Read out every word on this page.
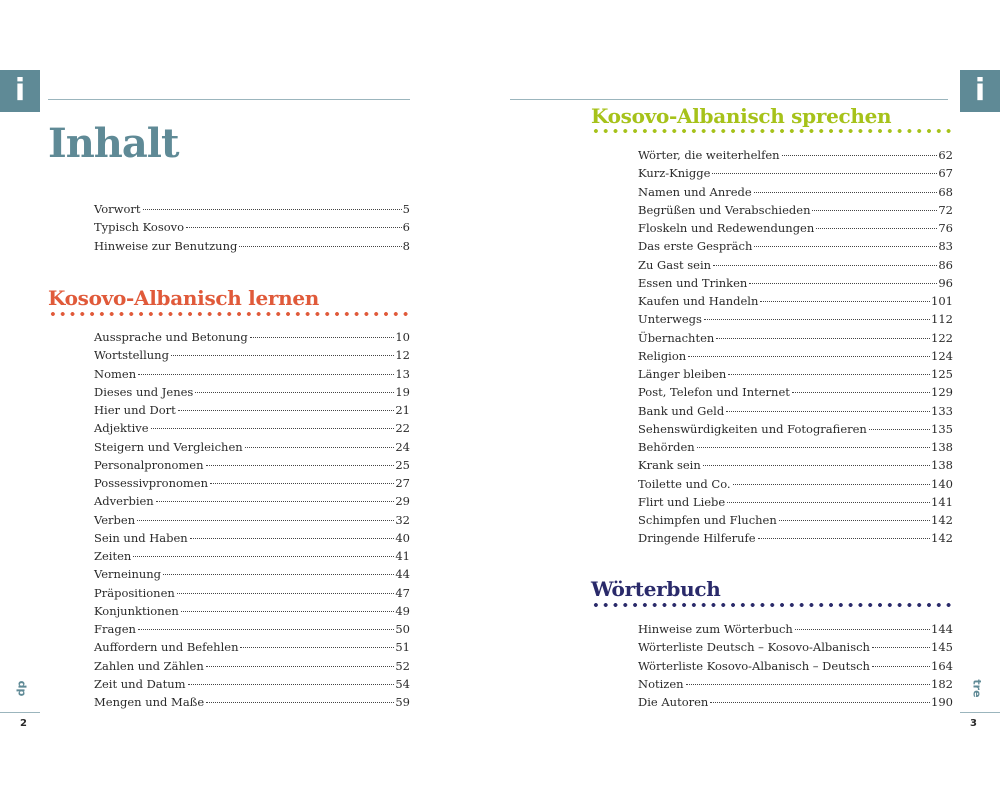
i
Inhalt
Vorwort	5
Typisch Kosovo	6
Hinweise zur Benutzung	8
Kosovo-Albanisch lernen
Aussprache und Betonung	10
Wortstellung	12
Nomen	13
Dieses und Jenes	19
Hier und Dort	21
Adjektive	22
Steigern und Vergleichen	24
Personalpronomen	25
Possessivpronomen	27
Adverbien	29
Verben	32
Sein und Haben	40
Zeiten	41
Verneinung	44
Präpositionen	47
Konjunktionen	49
Fragen	50
Auffordern und Befehlen	51
Zahlen und Zählen	52
Zeit und Datum	54
Mengen und Maße	59
dp
2
i
Kosovo-Albanisch sprechen
Wörter, die weiterhelfen	62
Kurz-Knigge	67
Namen und Anrede	68
Begrüßen und Verabschieden	72
Floskeln und Redewendungen	76
Das erste Gespräch	83
Zu Gast sein	86
Essen und Trinken	96
Kaufen und Handeln	101
Unterwegs	112
Übernachten	122
Religion	124
Länger bleiben	125
Post, Telefon und Internet	129
Bank und Geld	133
Sehenswürdigkeiten und Fotografieren	135
Behörden	138
Krank sein	138
Toilette und Co.	140
Flirt und Liebe	141
Schimpfen und Fluchen	142
Dringende Hilferufe	142
Wörterbuch
Hinweise zum Wörterbuch	144
Wörterliste Deutsch – Kosovo-Albanisch	145
Wörterliste Kosovo-Albanisch – Deutsch	164
Notizen	182
Die Autoren	190
tre
3
